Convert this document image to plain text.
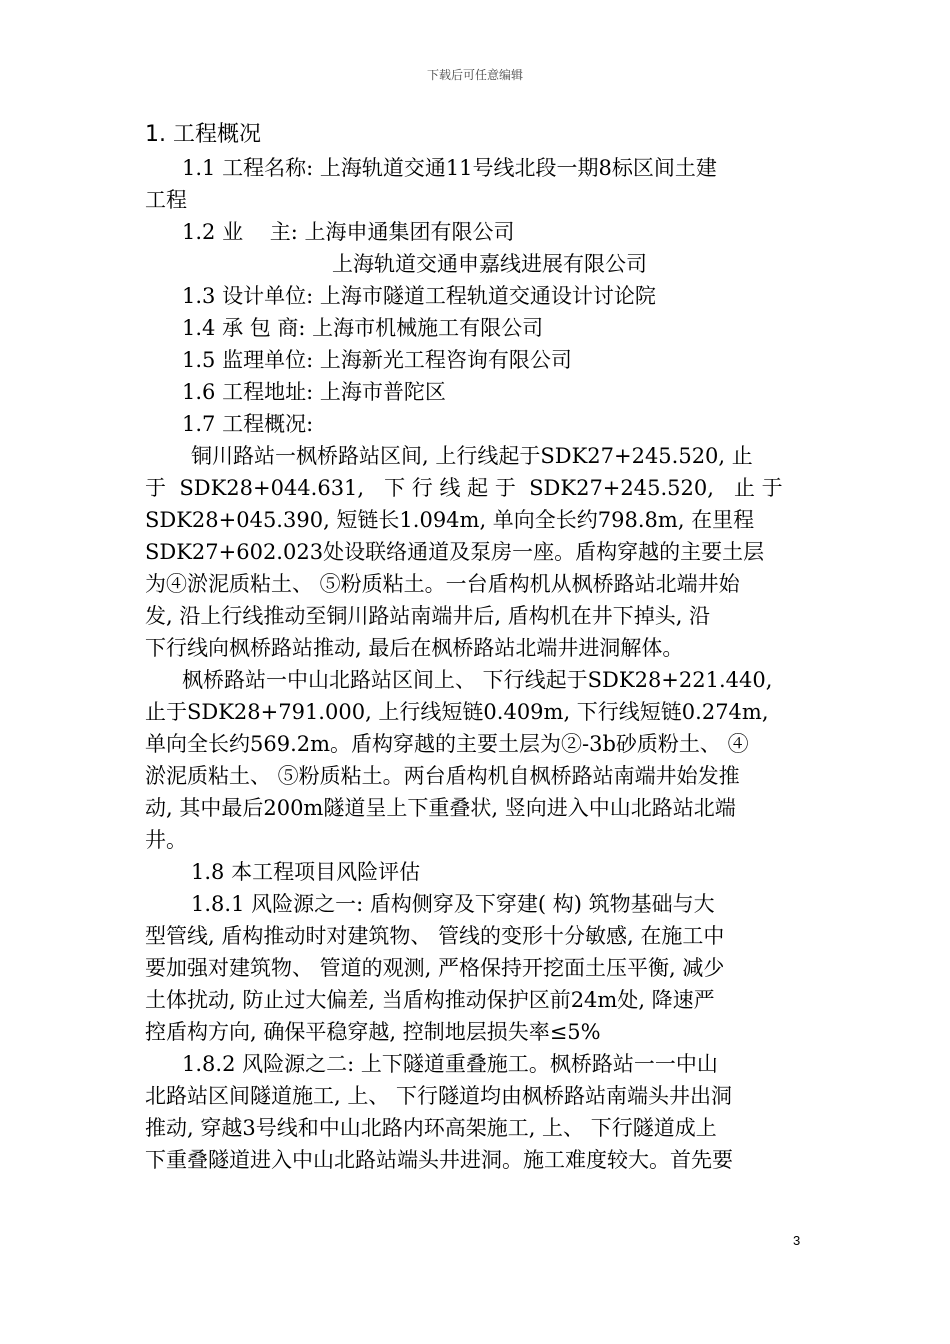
下载后可任意编辑
1. 工程概况
1.1 工程名称: 上海轨道交通11号线北段一期8标区间土建
工程
1.2 业    主: 上海申通集团有限公司
上海轨道交通申嘉线进展有限公司
1.3 设计单位: 上海市隧道工程轨道交通设计讨论院
1.4 承 包 商: 上海市机械施工有限公司
1.5 监理单位: 上海新光工程咨询有限公司
1.6 工程地址: 上海市普陀区
1.7 工程概况:
铜川路站一枫桥路站区间, 上行线起于SDK27+245.520, 止
于  SDK28+044.631,   下 行 线 起 于  SDK27+245.520,   止 于
SDK28+045.390, 短链长1.094m, 单向全长约798.8m, 在里程
SDK27+602.023处设联络通道及泵房一座。盾构穿越的主要土层
为④淤泥质粘土、 ⑤粉质粘土。一台盾构机从枫桥路站北端井始
发, 沿上行线推动至铜川路站南端井后, 盾构机在井下掉头, 沿
下行线向枫桥路站推动, 最后在枫桥路站北端井进洞解体。
枫桥路站一中山北路站区间上、 下行线起于SDK28+221.440,
止于SDK28+791.000, 上行线短链0.409m, 下行线短链0.274m,
单向全长约569.2m。盾构穿越的主要土层为②-3b砂质粉土、 ④
淤泥质粘土、 ⑤粉质粘土。两台盾构机自枫桥路站南端井始发推
动, 其中最后200m隧道呈上下重叠状, 竖向进入中山北路站北端
井。
1.8 本工程项目风险评估
1.8.1 风险源之一: 盾构侧穿及下穿建( 构) 筑物基础与大
型管线, 盾构推动时对建筑物、 管线的变形十分敏感, 在施工中
要加强对建筑物、 管道的观测, 严格保持开挖面土压平衡, 减少
土体扰动, 防止过大偏差, 当盾构推动保护区前24m处, 降速严
控盾构方向, 确保平稳穿越, 控制地层损失率≤5%
1.8.2 风险源之二: 上下隧道重叠施工。枫桥路站一一中山
北路站区间隧道施工, 上、 下行隧道均由枫桥路站南端头井出洞
推动, 穿越3号线和中山北路内环高架施工, 上、 下行隧道成上
下重叠隧道进入中山北路站端头井进洞。施工难度较大。首先要
3
